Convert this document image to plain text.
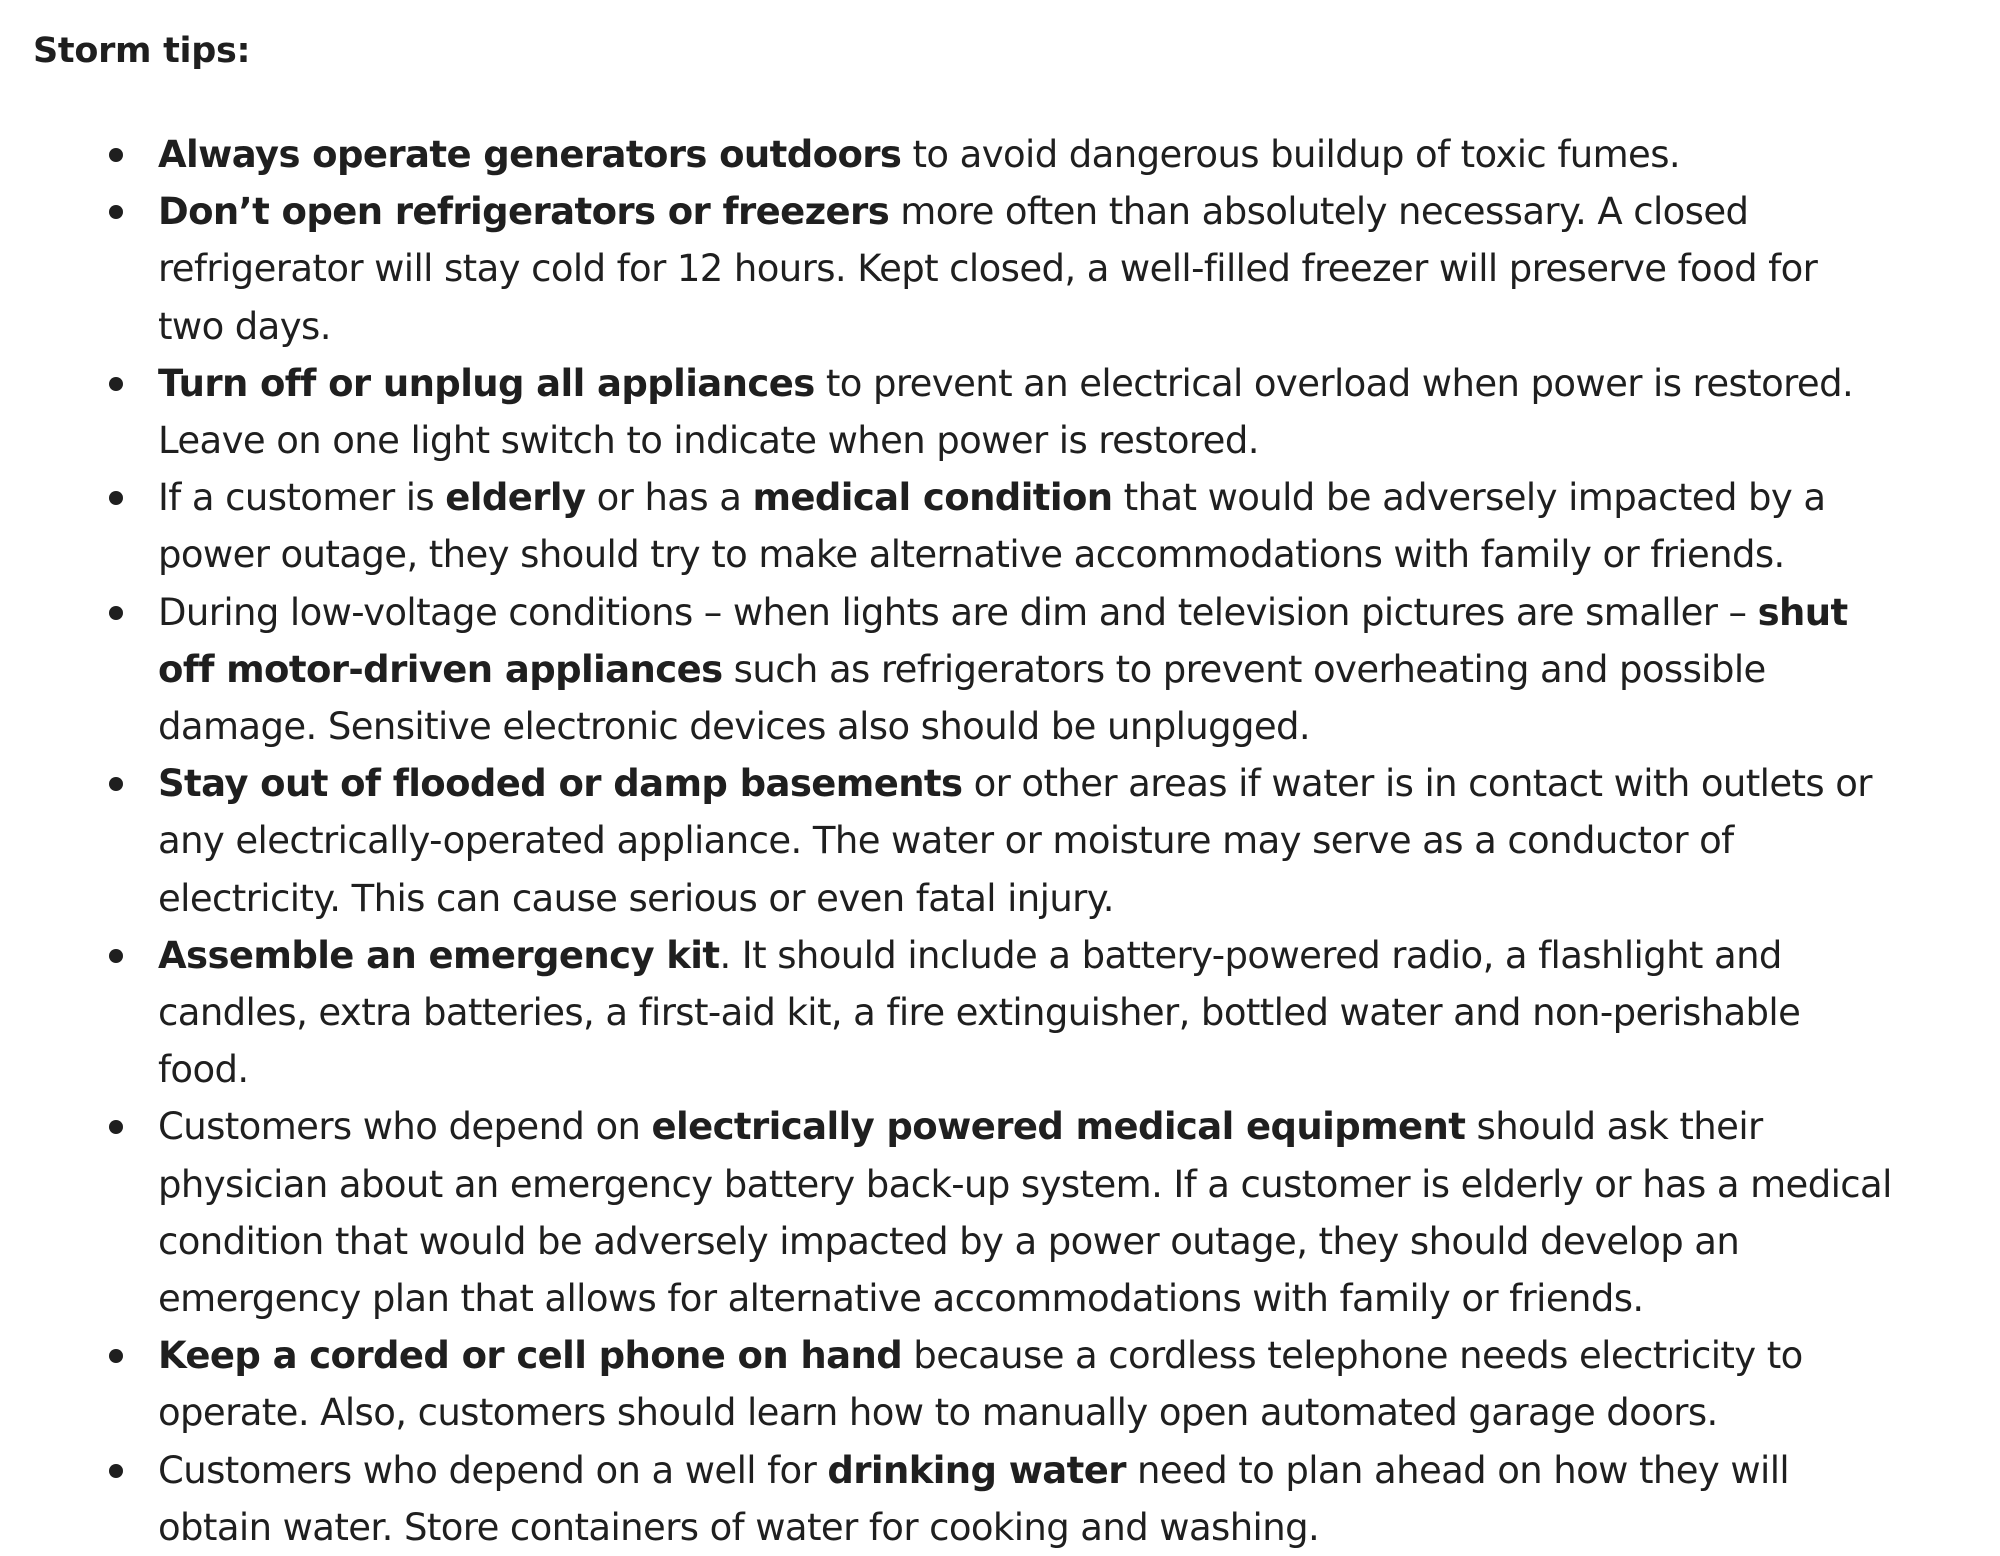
Storm tips:

Always operate generators outdoors to avoid dangerous buildup of toxic fumes.
Don’t open refrigerators or freezers more often than absolutely necessary. A closed refrigerator will stay cold for 12 hours. Kept closed, a well-filled freezer will preserve food for two days.
Turn off or unplug all appliances to prevent an electrical overload when power is restored. Leave on one light switch to indicate when power is restored.
If a customer is elderly or has a medical condition that would be adversely impacted by a power outage, they should try to make alternative accommodations with family or friends.
During low-voltage conditions – when lights are dim and television pictures are smaller – shut off motor-driven appliances such as refrigerators to prevent overheating and possible damage. Sensitive electronic devices also should be unplugged.
Stay out of flooded or damp basements or other areas if water is in contact with outlets or any electrically-operated appliance. The water or moisture may serve as a conductor of electricity. This can cause serious or even fatal injury.
Assemble an emergency kit. It should include a battery-powered radio, a flashlight and candles, extra batteries, a first-aid kit, a fire extinguisher, bottled water and non-perishable food.
Customers who depend on electrically powered medical equipment should ask their physician about an emergency battery back-up system. If a customer is elderly or has a medical condition that would be adversely impacted by a power outage, they should develop an emergency plan that allows for alternative accommodations with family or friends.
Keep a corded or cell phone on hand because a cordless telephone needs electricity to operate. Also, customers should learn how to manually open automated garage doors.
Customers who depend on a well for drinking water need to plan ahead on how they will obtain water. Store containers of water for cooking and washing.
